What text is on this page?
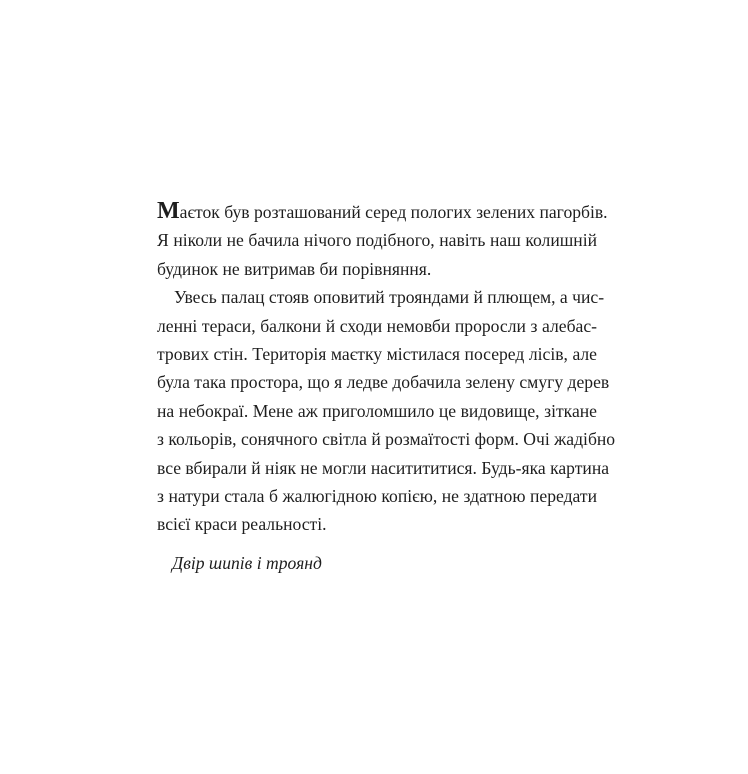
Маєток був розташований серед пологих зелених пагорбів.
Я ніколи не бачила нічого подібного, навіть наш колишній
будинок не витримав би порівняння.
Увесь палац стояв оповитий трояндами й плющем, а чис-
ленні тераси, балкони й сходи немовби проросли з алебас-
трових стін. Територія маєтку містилася посеред лісів, але
була така простора, що я ледве добачила зелену смугу дерев
на небокраї. Мене аж приголомшило це видовище, зіткане
з кольорів, сонячного світла й розмаїтості форм. Очі жадібно
все вбирали й ніяк не могли наситититися. Будь-яка картина
з натури стала б жалюгідною копією, не здатною передати
всієї краси реальності.
Двір шипів і троянд
